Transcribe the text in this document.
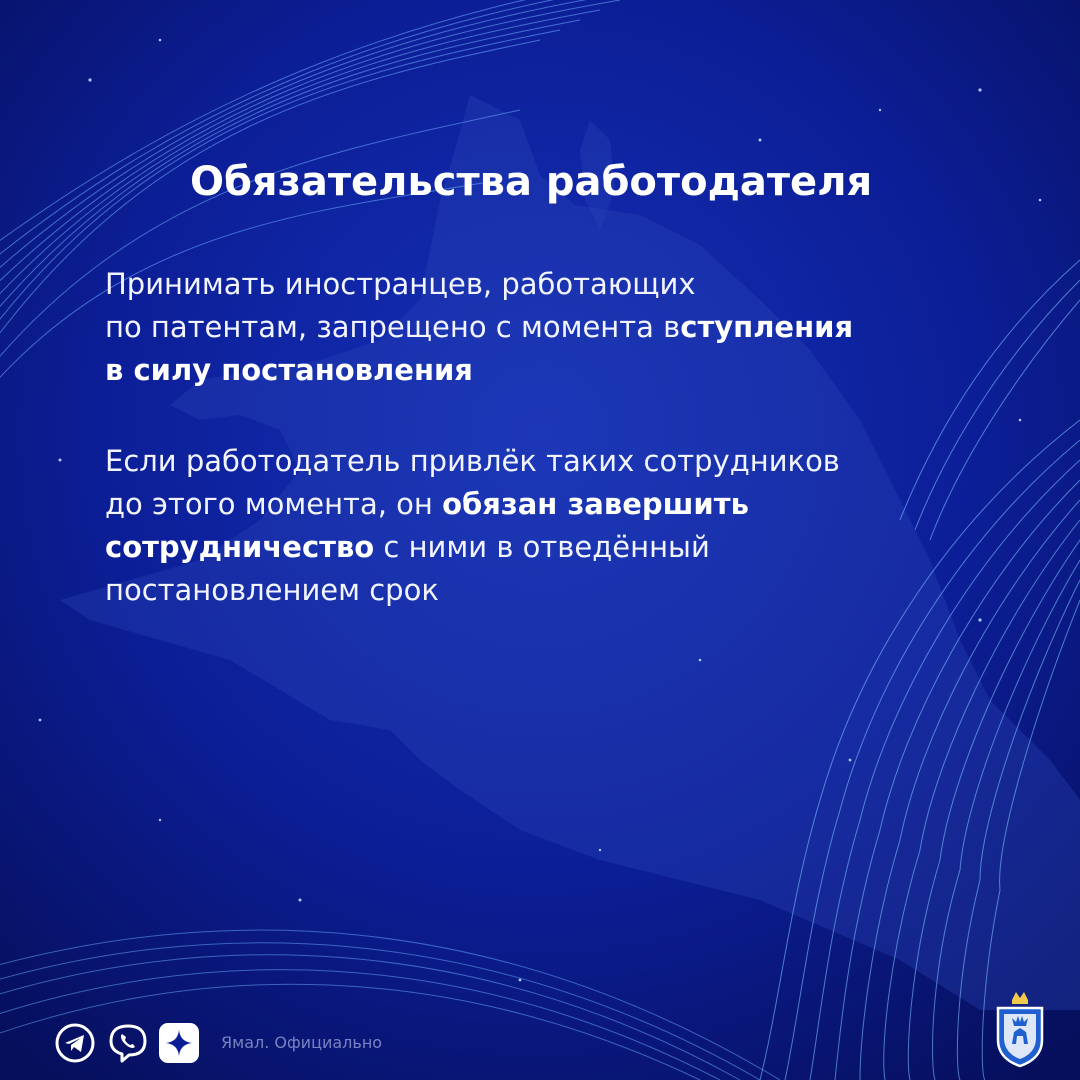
Обязательства работодателя

Принимать иностранцев, работающих
по патентам, запрещено с момента вступления
в силу постановления

Если работодатель привлёк таких сотрудников
до этого момента, он обязан завершить
сотрудничество с ними в отведённый
постановлением срок

Ямал. Официально
